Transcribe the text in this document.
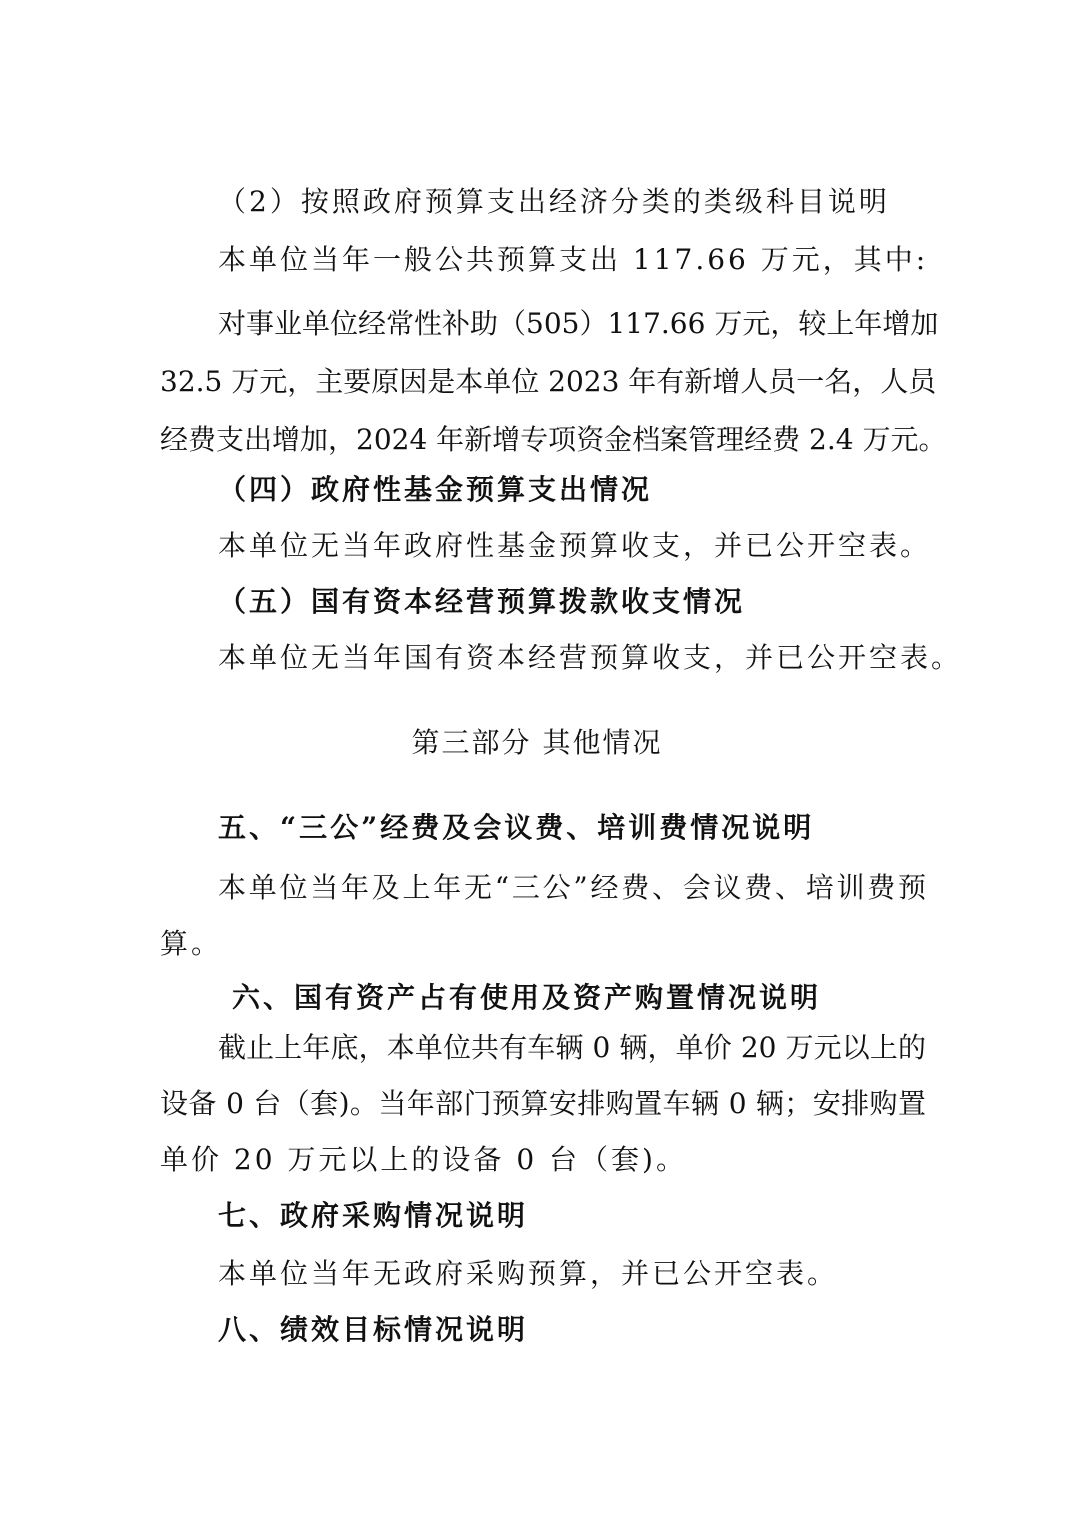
（2）按照政府预算支出经济分类的类级科目说明
本单位当年一般公共预算支出 117.66 万元，其中:
对事业单位经常性补助（505）117.66 万元，较上年增加
32.5 万元，主要原因是本单位 2023 年有新增人员一名，人员
经费支出增加，2024 年新增专项资金档案管理经费 2.4 万元。
（四）政府性基金预算支出情况
本单位无当年政府性基金预算收支，并已公开空表。
（五）国有资本经营预算拨款收支情况
本单位无当年国有资本经营预算收支，并已公开空表。
第三部分 其他情况
五、“三公”经费及会议费、培训费情况说明
本单位当年及上年无“三公”经费、会议费、培训费预
算。
六、国有资产占有使用及资产购置情况说明
截止上年底，本单位共有车辆 0 辆，单价 20 万元以上的
设备 0 台（套)。当年部门预算安排购置车辆 0 辆；安排购置
单价 20 万元以上的设备 0 台（套)。
七、政府采购情况说明
本单位当年无政府采购预算，并已公开空表。
八、绩效目标情况说明
